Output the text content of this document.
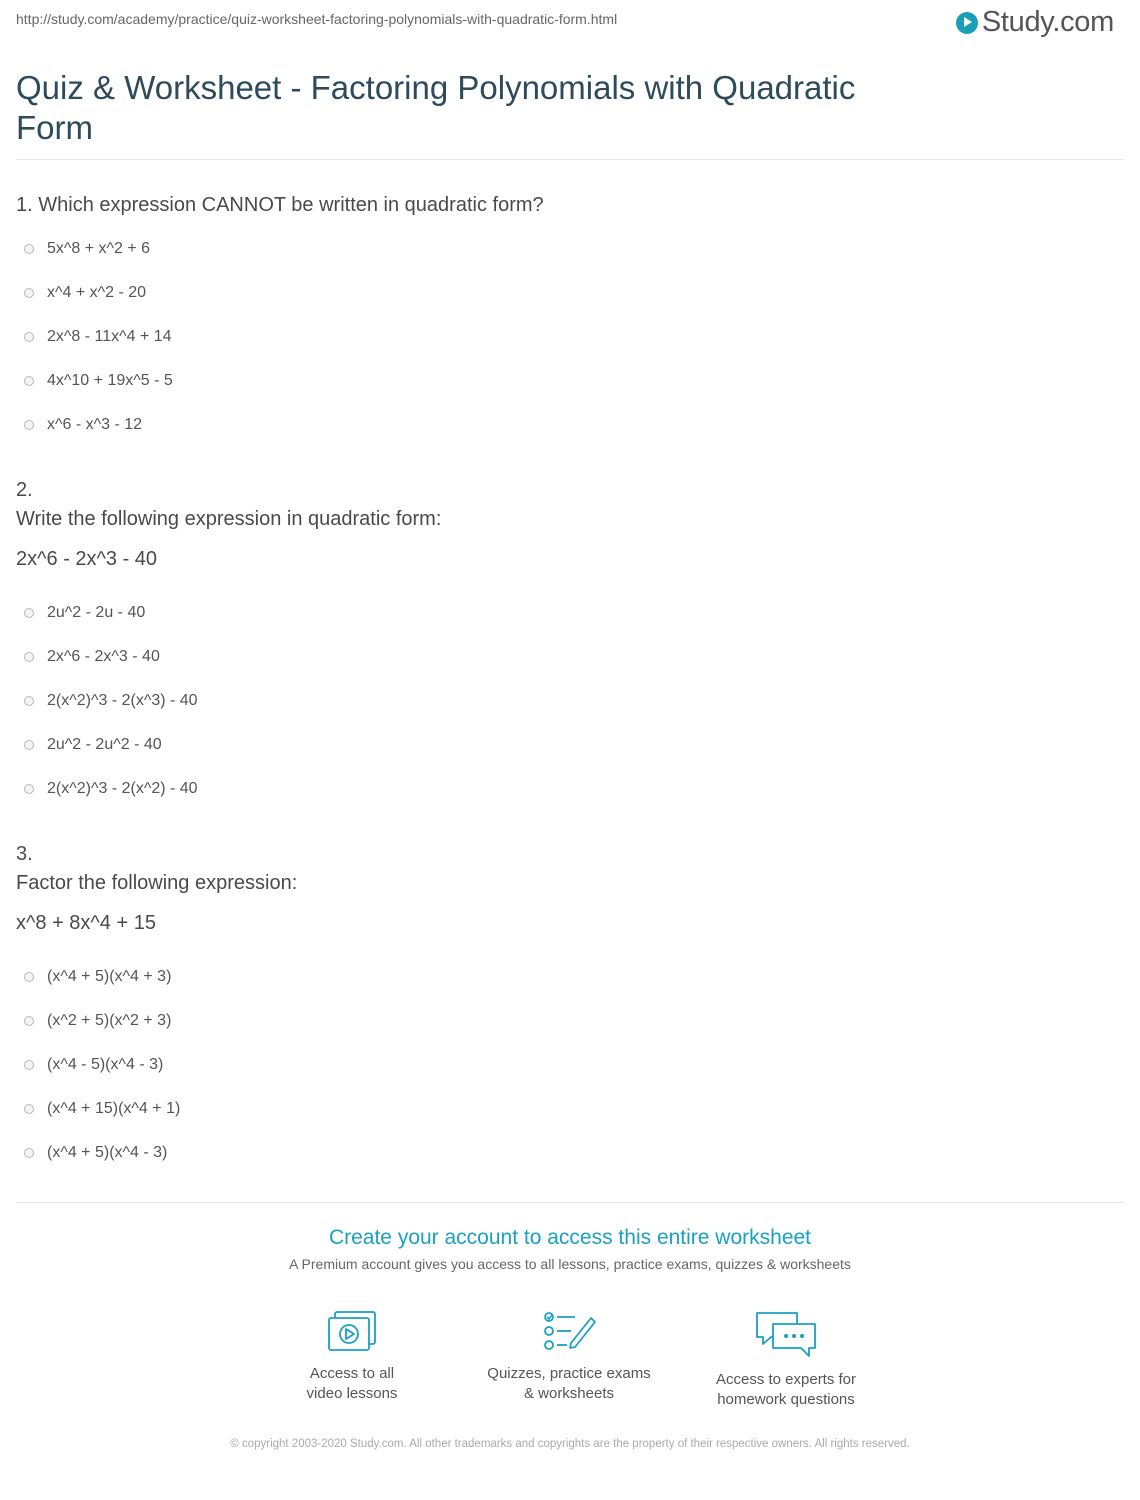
http://study.com/academy/practice/quiz-worksheet-factoring-polynomials-with-quadratic-form.html	Study.com
Quiz & Worksheet - Factoring Polynomials with Quadratic Form
1. Which expression CANNOT be written in quadratic form?
5x^8 + x^2 + 6
x^4 + x^2 - 20
2x^8 - 11x^4 + 14
4x^10 + 19x^5 - 5
x^6 - x^3 - 12
2.
Write the following expression in quadratic form:
2x^6 - 2x^3 - 40
2u^2 - 2u - 40
2x^6 - 2x^3 - 40
2(x^2)^3 - 2(x^3) - 40
2u^2 - 2u^2 - 40
2(x^2)^3 - 2(x^2) - 40
3.
Factor the following expression:
x^8 + 8x^4 + 15
(x^4 + 5)(x^4 + 3)
(x^2 + 5)(x^2 + 3)
(x^4 - 5)(x^4 - 3)
(x^4 + 15)(x^4 + 1)
(x^4 + 5)(x^4 - 3)
Create your account to access this entire worksheet
A Premium account gives you access to all lessons, practice exams, quizzes & worksheets
Access to all
video lessons
Quizzes, practice exams
& worksheets
Access to experts for
homework questions
© copyright 2003-2020 Study.com. All other trademarks and copyrights are the property of their respective owners. All rights reserved.
